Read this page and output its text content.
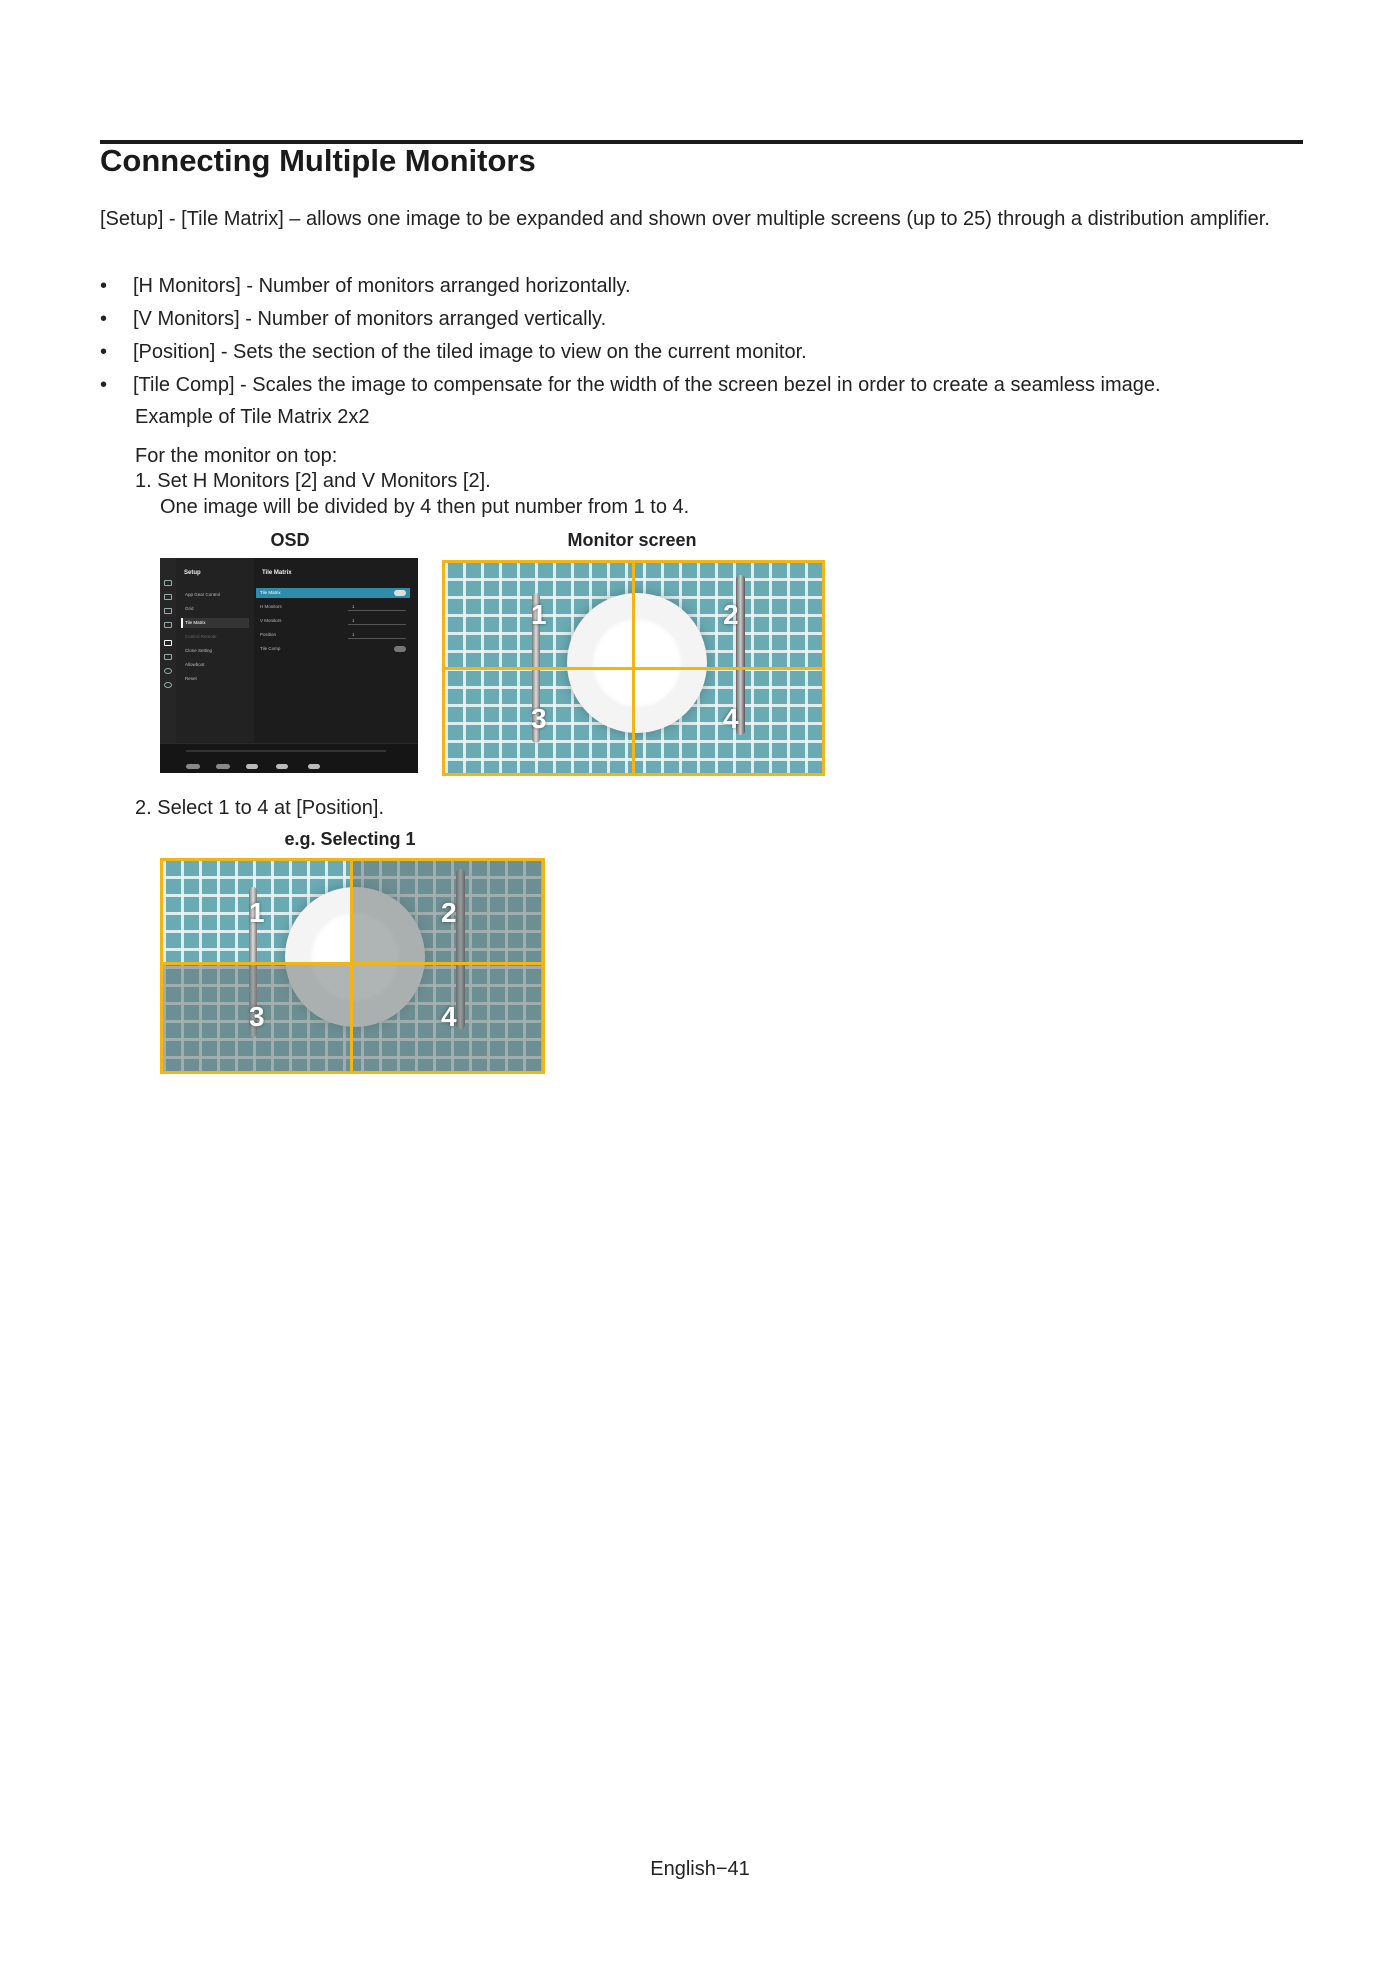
Connecting Multiple Monitors

[Setup] - [Tile Matrix] – allows one image to be expanded and shown over multiple screens (up to 25) through a distribution amplifier.

• [H Monitors] - Number of monitors arranged horizontally.
• [V Monitors] - Number of monitors arranged vertically.
• [Position] - Sets the section of the tiled image to view on the current monitor.
• [Tile Comp] - Scales the image to compensate for the width of the screen bezel in order to create a seamless image.

Example of Tile Matrix 2x2

For the monitor on top:

1. Set H Monitors [2] and V Monitors [2].

One image will be divided by 4 then put number from 1 to 4.

OSD	Monitor screen

Setup
App Gear Control
Grid
Tile Matrix
Control Remote
Clone Setting
Allowboot
Reset
Tile Matrix
Tile Matrix
H Monitors	1
V Monitors	1
Position	1
Tile Comp
1	2
3	4

2. Select 1 to 4 at [Position].

e.g. Selecting 1

1	2
3	4
English−41
